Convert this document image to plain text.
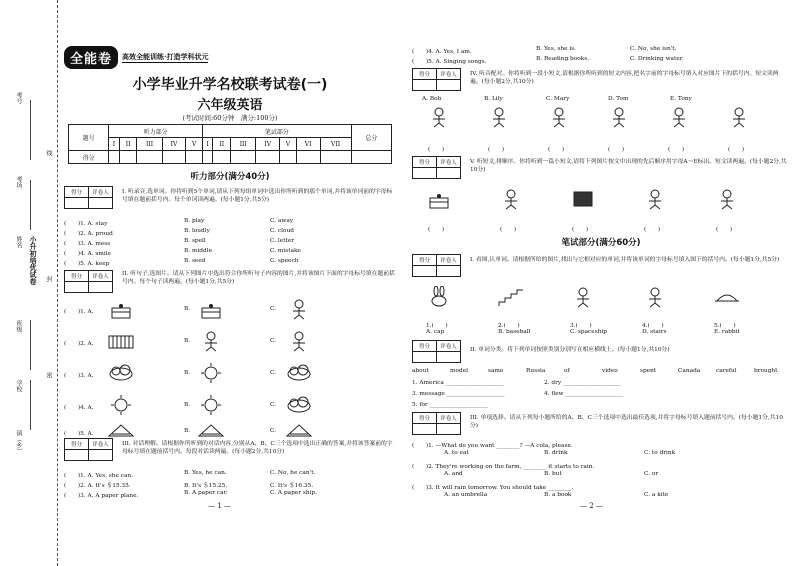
考号
考场
姓名
班级
学校
镇（乡）
小升初培优试卷
线
封
密
全能卷	高效全能训练·打造学科状元
小学毕业升学名校联考试卷(一)
六年级英语
(考试时间:60分钟　满分:100分)
题号	听力部分					笔试部分							总分
	I	II	III	IV	V	I	II	III	IV	V	VI	VII	
得分													
听力部分(满分40分)
得分	评卷人
	I. 听录音,选单词。你将听到5个单词,请从下列每组单词中选出你所听到的那个单词,并将该单词前的字母标号填在题前括号内。每个单词读两遍。(每小题1分,共5分)
(　　)1. A. stay	B. play	C. away
(　　)2. A. proud	B. loudly	C. cloud
(　　)3. A. mess	B. spell	C. letter
(　　)4. A. smile	B. middle	C. mistake
(　　)5. A. keep	B. seed	C. speech
得分	评卷人
	II. 听句子,选图片。请从下列图片中选出符合你所听句子内容的图片,并将该图片下面的字母标号填在题前括号内。每个句子读两遍。(每小题1分,共5分)
(　　)1. A.	B.	C.
(　　)2. A.	B.	C.
(　　)3. A.	B.	C.
(　　)4. A.	B.	C.
(　　)5. A.	B.	C.
得分	评卷人
	III. 对话理解。请根据你所听到的对话内容,分别从A、B、C三个选项中选出正确的答案,并将该答案前的字母标号填在题前括号内。每段对话读两遍。(每小题2分,共10分)
(　　)1. A. Yes, she can.	B. Yes, he can.	C. No, he can't.
(　　)2. A. It's ＄15.35.	B. It's ＄15.25.	C. It's ＄16.35.
(　　)3. A. A paper plane.	B. A paper car.	C. A paper ship.
— 1 —
(　　)4. A. Yes, I am.	B. Yes, she is.	C. No, she isn't.
(　　)5. A. Singing songs.	B. Reading books.	C. Drinking water.
得分	评卷人
	IV. 听音配对。你将听到一段小短文,请根据你所听到的短文内容,把名字前的字母标号填入对应图片下的括号内。短文读两遍。(每小题2分,共10分)
A. Bob	B. Lily	C. Mary	D. Tom	E. Tony
(　　)	(　　)	(　　)	(　　)	(　　)	(　　)
得分	评卷人
	V. 听短文,排顺序。你将听到一篇小短文,请将下列图片按文中出现的先后顺序用字母A～E标出。短文读两遍。(每小题2分,共10分)
(　　)	(　　)	(　　)	(　　)	(　　)
笔试部分(满分60分)
得分	评卷人
	I. 看图,认单词。请根据所给的图片,找出与它相对应的单词,并将该单词的字母标号填入图下的括号内。(每小题1分,共5分)
1.(　　)
A. cap
2.(　　)
B. baseball
3.(　　)
C. spaceship
4.(　　)
D. stairs
5.(　　)
E. rabbit
得分	评卷人
	II. 单词分类。将下列单词按照类别分别写在相应横线上。(每小题1分,共10分)
about	model	same	Russia	of	video	spent	Canada	careful	brought
1. America ____________________	2. dry ____________________
3. message ____________________	4. flew ____________________
5. for ____________________
得分	评卷人
	III. 单项选择。请从下列每小题所给的A、B、C三个选项中选出最佳选项,并将字母标号填入题前括号内。(每小题1分,共10分)
(　　)1. —What do you want ________? —A cola, please.
A. to eat	B. drink	C. to drink
(　　)2. They're working on the farm, ________ it starts to rain.
A. and	B. but	C. or
(　　)3. It will rain tomorrow. You should take ________.
A. an umbrella	B. a book	C. a kite
— 2 —
